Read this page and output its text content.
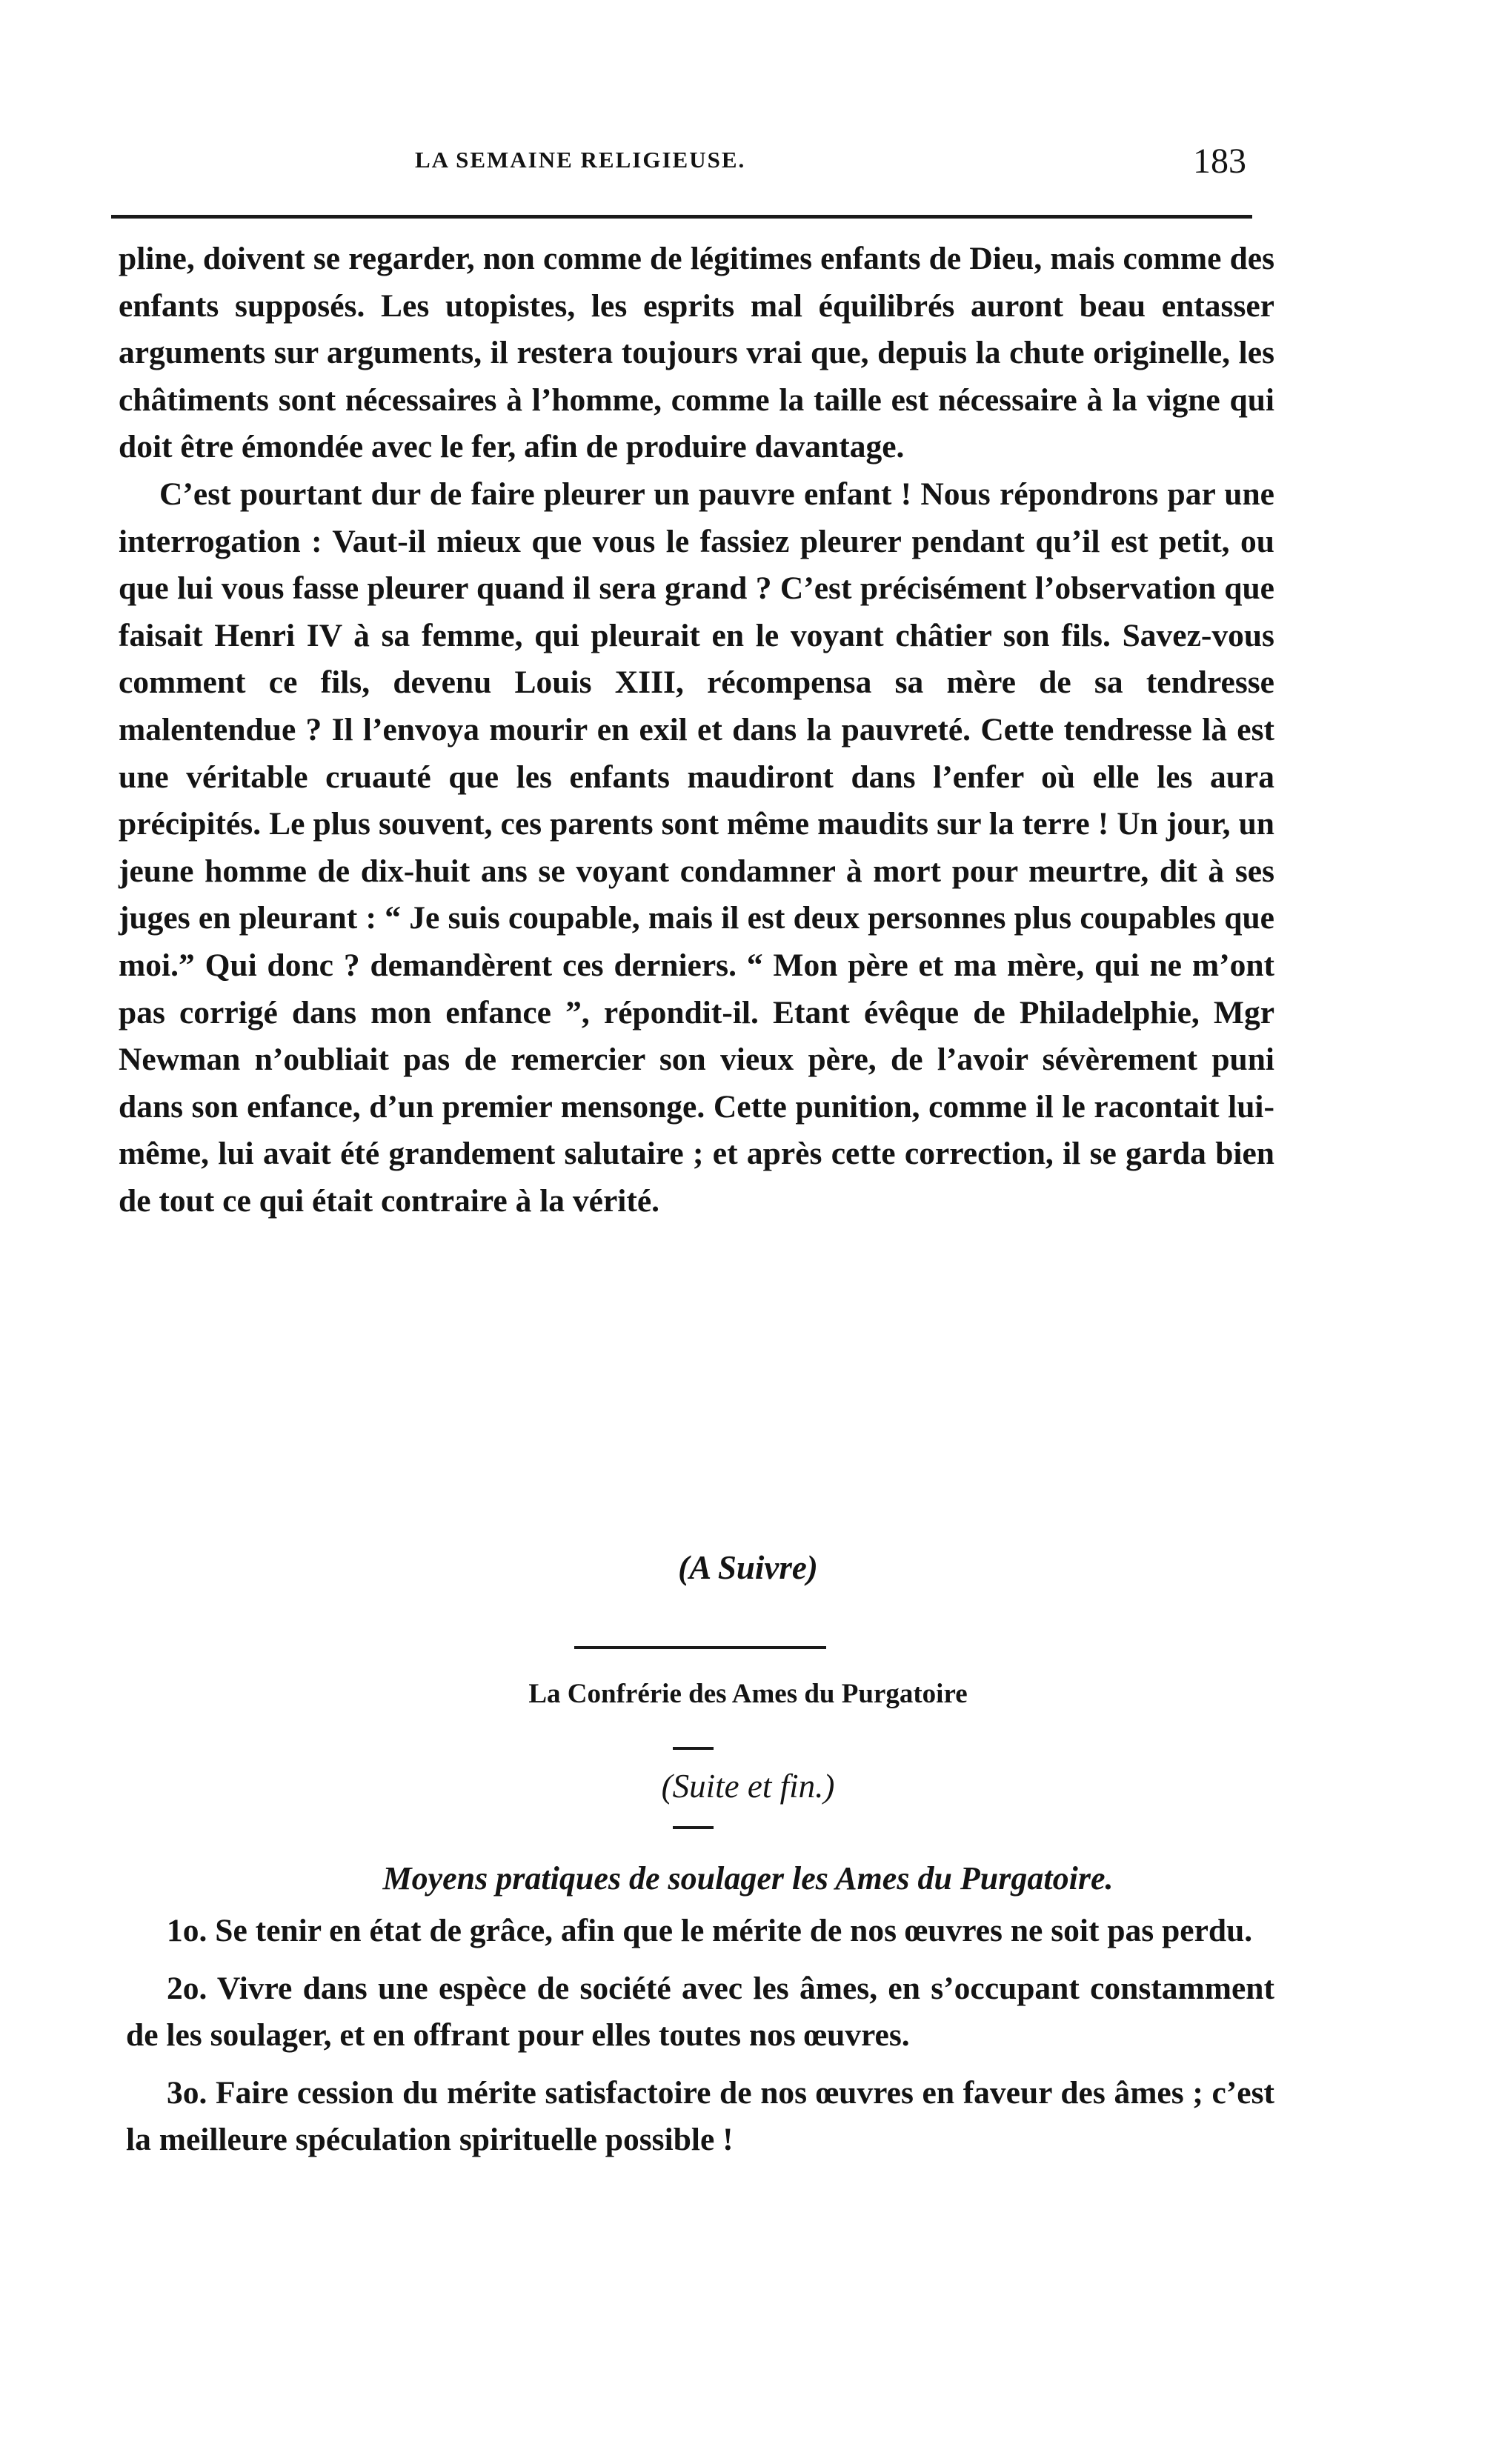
LA SEMAINE RELIGIEUSE.	183

pline, doivent se regarder, non comme de légitimes enfants de Dieu, mais comme des enfants supposés. Les utopistes, les esprits mal équilibrés auront beau entasser arguments sur arguments, il restera toujours vrai que, depuis la chute originelle, les châtiments sont nécessaires à l’homme, comme la taille est nécessaire à la vigne qui doit être émondée avec le fer, afin de produire davantage.

C’est pourtant dur de faire pleurer un pauvre enfant ! Nous répondrons par une interrogation : Vaut-il mieux que vous le fassiez pleurer pendant qu’il est petit, ou que lui vous fasse pleurer quand il sera grand ? C’est précisément l’observation que faisait Henri IV à sa femme, qui pleurait en le voyant châtier son fils. Savez-vous comment ce fils, devenu Louis XIII, récompensa sa mère de sa tendresse malentendue ? Il l’envoya mourir en exil et dans la pauvreté. Cette tendresse là est une véritable cruauté que les enfants maudiront dans l’enfer où elle les aura précipités. Le plus souvent, ces parents sont même maudits sur la terre ! Un jour, un jeune homme de dix-huit ans se voyant condamner à mort pour meurtre, dit à ses juges en pleurant : “ Je suis coupable, mais il est deux personnes plus coupables que moi.” Qui donc ? demandèrent ces derniers. “ Mon père et ma mère, qui ne m’ont pas corrigé dans mon enfance ”, répondit-il. Etant évêque de Philadelphie, Mgr Newman n’oubliait pas de remercier son vieux père, de l’avoir sévèrement puni dans son enfance, d’un premier mensonge. Cette punition, comme il le racontait lui-même, lui avait été grandement salutaire ; et après cette correction, il se garda bien de tout ce qui était contraire à la vérité.

(A Suivre)
La Confrérie des Ames du Purgatoire
(Suite et fin.)
Moyens pratiques de soulager les Ames du Purgatoire.

1o. Se tenir en état de grâce, afin que le mérite de nos œuvres ne soit pas perdu.

2o. Vivre dans une espèce de société avec les âmes, en s’occupant constamment de les soulager, et en offrant pour elles toutes nos œuvres.

3o. Faire cession du mérite satisfactoire de nos œuvres en faveur des âmes ; c’est la meilleure spéculation spirituelle possible !
